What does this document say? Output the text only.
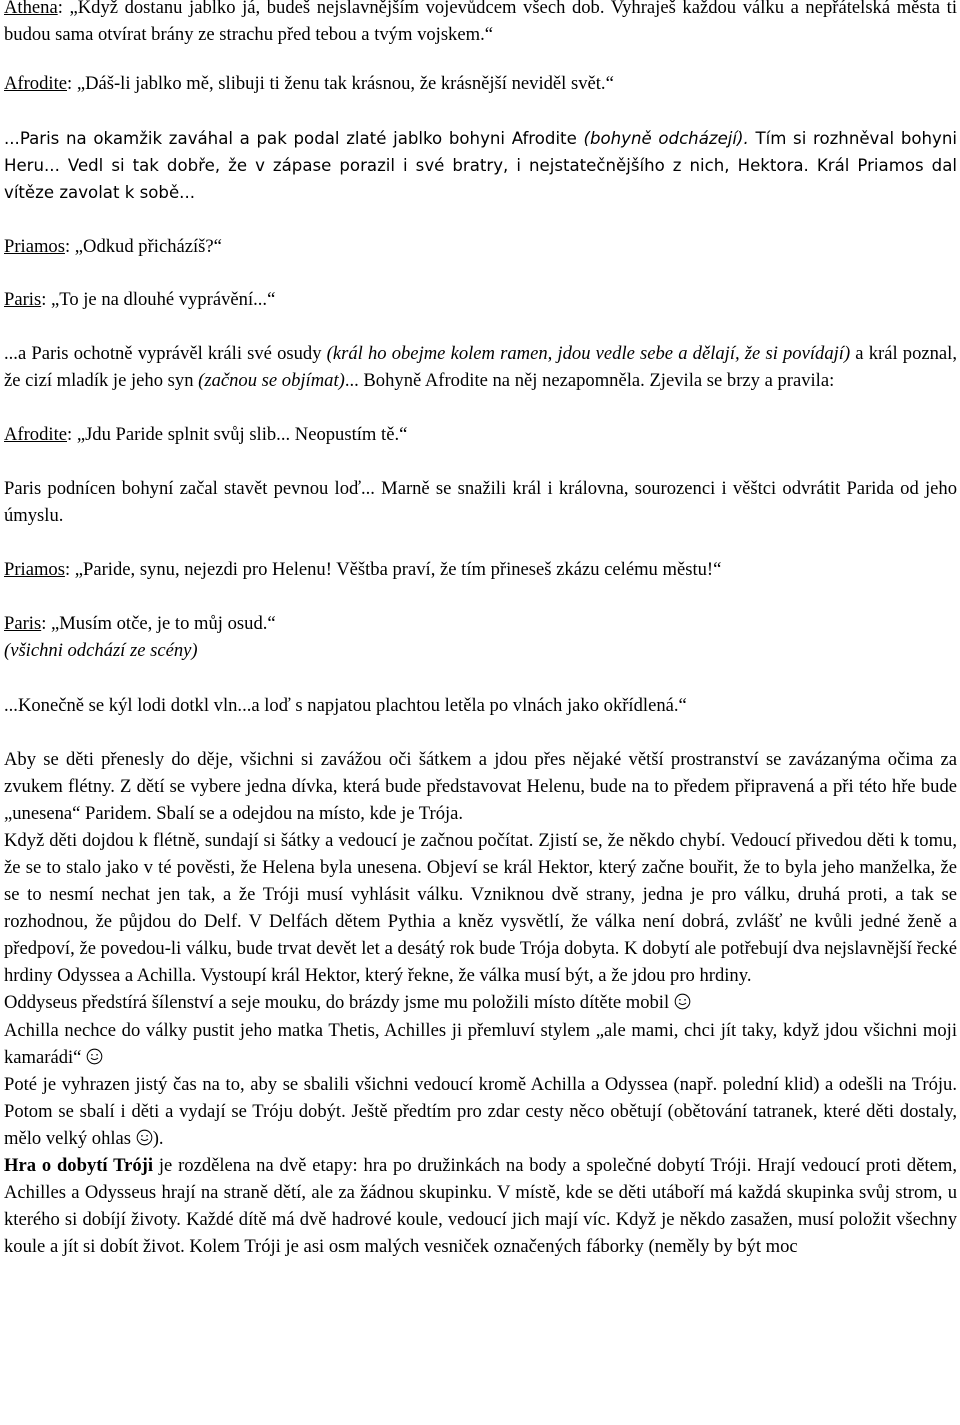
Athena: „Když dostanu jablko já, budeš nejslavnějším vojevůdcem všech dob. Vyhraješ každou válku a nepřátelská města ti budou sama otvírat brány ze strachu před tebou a tvým vojskem.“

Afrodite: „Dáš-li jablko mě, slibuji ti ženu tak krásnou, že krásnější neviděl svět.“

...Paris na okamžik zaváhal a pak podal zlaté jablko bohyni Afrodite (bohyně odcházejí). Tím si rozhněval bohyni Heru... Vedl si tak dobře, že v zápase porazil i své bratry, i nejstatečnějšího z nich, Hektora. Král Priamos dal vítěze zavolat k sobě...

Priamos: „Odkud přicházíš?“

Paris: „To je na dlouhé vyprávění...“

...a Paris ochotně vyprávěl králi své osudy (král ho obejme kolem ramen, jdou vedle sebe a dělají, že si povídají) a král poznal, že cizí mladík je jeho syn (začnou se objímat)... Bohyně Afrodite na něj nezapomněla. Zjevila se brzy a pravila:

Afrodite: „Jdu Paride splnit svůj slib... Neopustím tě.“

Paris podnícen bohyní začal stavět pevnou loď... Marně se snažili král i královna, sourozenci i věštci odvrátit Parida od jeho úmyslu.

Priamos: „Paride, synu, nejezdi pro Helenu! Věštba praví, že tím přineseš zkázu celému městu!“

Paris: „Musím otče, je to můj osud.“

(všichni odchází ze scény)

...Konečně se kýl lodi dotkl vln...a loď s napjatou plachtou letěla po vlnách jako okřídlená.“

Aby se děti přenesly do děje, všichni si zavážou oči šátkem a jdou přes nějaké větší prostranství se zavázanýma očima za zvukem flétny. Z dětí se vybere jedna dívka, která bude představovat Helenu, bude na to předem připravená a při této hře bude „unesena“ Paridem. Sbalí se a odejdou na místo, kde je Trója.

Když děti dojdou k flétně, sundají si šátky a vedoucí je začnou počítat. Zjistí se, že někdo chybí. Vedoucí přivedou děti k tomu, že se to stalo jako v té pověsti, že Helena byla unesena. Objeví se král Hektor, který začne bouřit, že to byla jeho manželka, že se to nesmí nechat jen tak, a že Tróji musí vyhlásit válku. Vzniknou dvě strany, jedna je pro válku, druhá proti, a tak se rozhodnou, že půjdou do Delf. V Delfách dětem Pythia a kněz vysvětlí, že válka není dobrá, zvlášť ne kvůli jedné ženě a předpoví, že povedou-li válku, bude trvat devět let a desátý rok bude Trója dobyta. K dobytí ale potřebují dva nejslavnější řecké hrdiny Odyssea a Achilla. Vystoupí král Hektor, který řekne, že válka musí být, a že jdou pro hrdiny.

Oddyseus předstírá šílenství a seje mouku, do brázdy jsme mu položili místo dítěte mobil

Achilla nechce do války pustit jeho matka Thetis, Achilles ji přemluví stylem „ale mami, chci jít taky, když jdou všichni moji kamarádi“

Poté je vyhrazen jistý čas na to, aby se sbalili všichni vedoucí kromě Achilla a Odyssea (např. polední klid) a odešli na Tróju. Potom se sbalí i děti a vydají se Tróju dobýt. Ještě předtím pro zdar cesty něco obětují (obětování tatranek, které děti dostaly, mělo velký ohlas ).

Hra o dobytí Tróji je rozdělena na dvě etapy: hra po družinkách na body a společné dobytí Tróji. Hrají vedoucí proti dětem, Achilles a Odysseus hrají na straně dětí, ale za žádnou skupinku. V místě, kde se děti utáboří má každá skupinka svůj strom, u kterého si dobíjí životy. Každé dítě má dvě hadrové koule, vedoucí jich mají víc. Když je někdo zasažen, musí položit všechny koule a jít si dobít život. Kolem Tróji je asi osm malých vesniček označených fáborky (neměly by být moc
